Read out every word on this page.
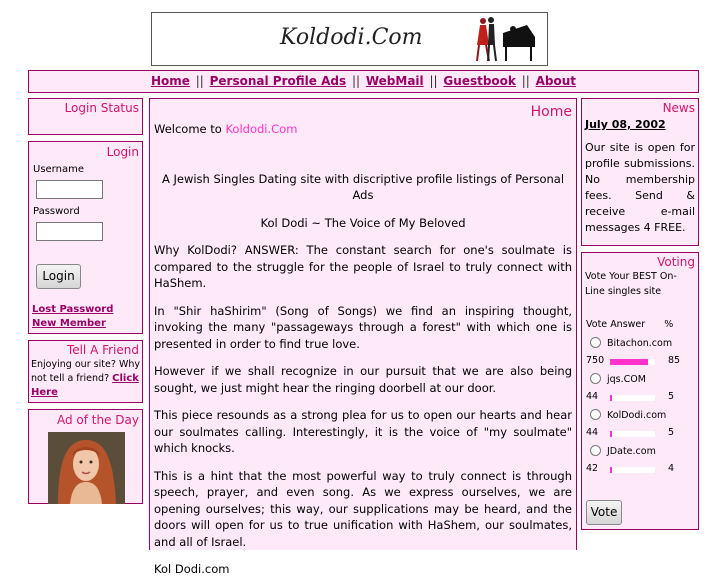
Koldodi.Com
Home || Personal Profile Ads || WebMail || Guestbook || About
Login Status
Login
Username
Password
Login
Lost Password
New Member
Tell A Friend
Enjoying our site? Why not tell a friend? Click
Here
Ad of the Day
Home

Welcome to Koldodi.Com

A Jewish Singles Dating site with discriptive profile listings of Personal Ads

Kol Dodi ~ The Voice of My Beloved

Why KolDodi? ANSWER: The constant search for one's soulmate is compared to the struggle for the people of Israel to truly connect with HaShem.

In "Shir haShirim" (Song of Songs) we find an inspiring thought, invoking the many "passageways through a forest" with which one is presented in order to find true love.

However if we shall recognize in our pursuit that we are also being sought, we just might hear the ringing doorbell at our door.

This piece resounds as a strong plea for us to open our hearts and hear our soulmates calling. Interestingly, it is the voice of "my soulmate" which knocks.

This is a hint that the most powerful way to truly connect is through speech, prayer, and even song. As we express ourselves, we are opening ourselves; this way, our supplications may be heard, and the doors will open for us to true unification with HaShem, our soulmates, and all of Israel.

Kol Dodi.com

News
July 08, 2002
Our site is open for profile submissions. No membership fees. Send & receive e-mail messages 4 FREE.
Voting
Vote Your BEST On-Line singles site
Vote Answer %
Bitachon.com
750	85
jqs.COM
44	5
KolDodi.com
44	5
JDate.com
42	4
Vote
